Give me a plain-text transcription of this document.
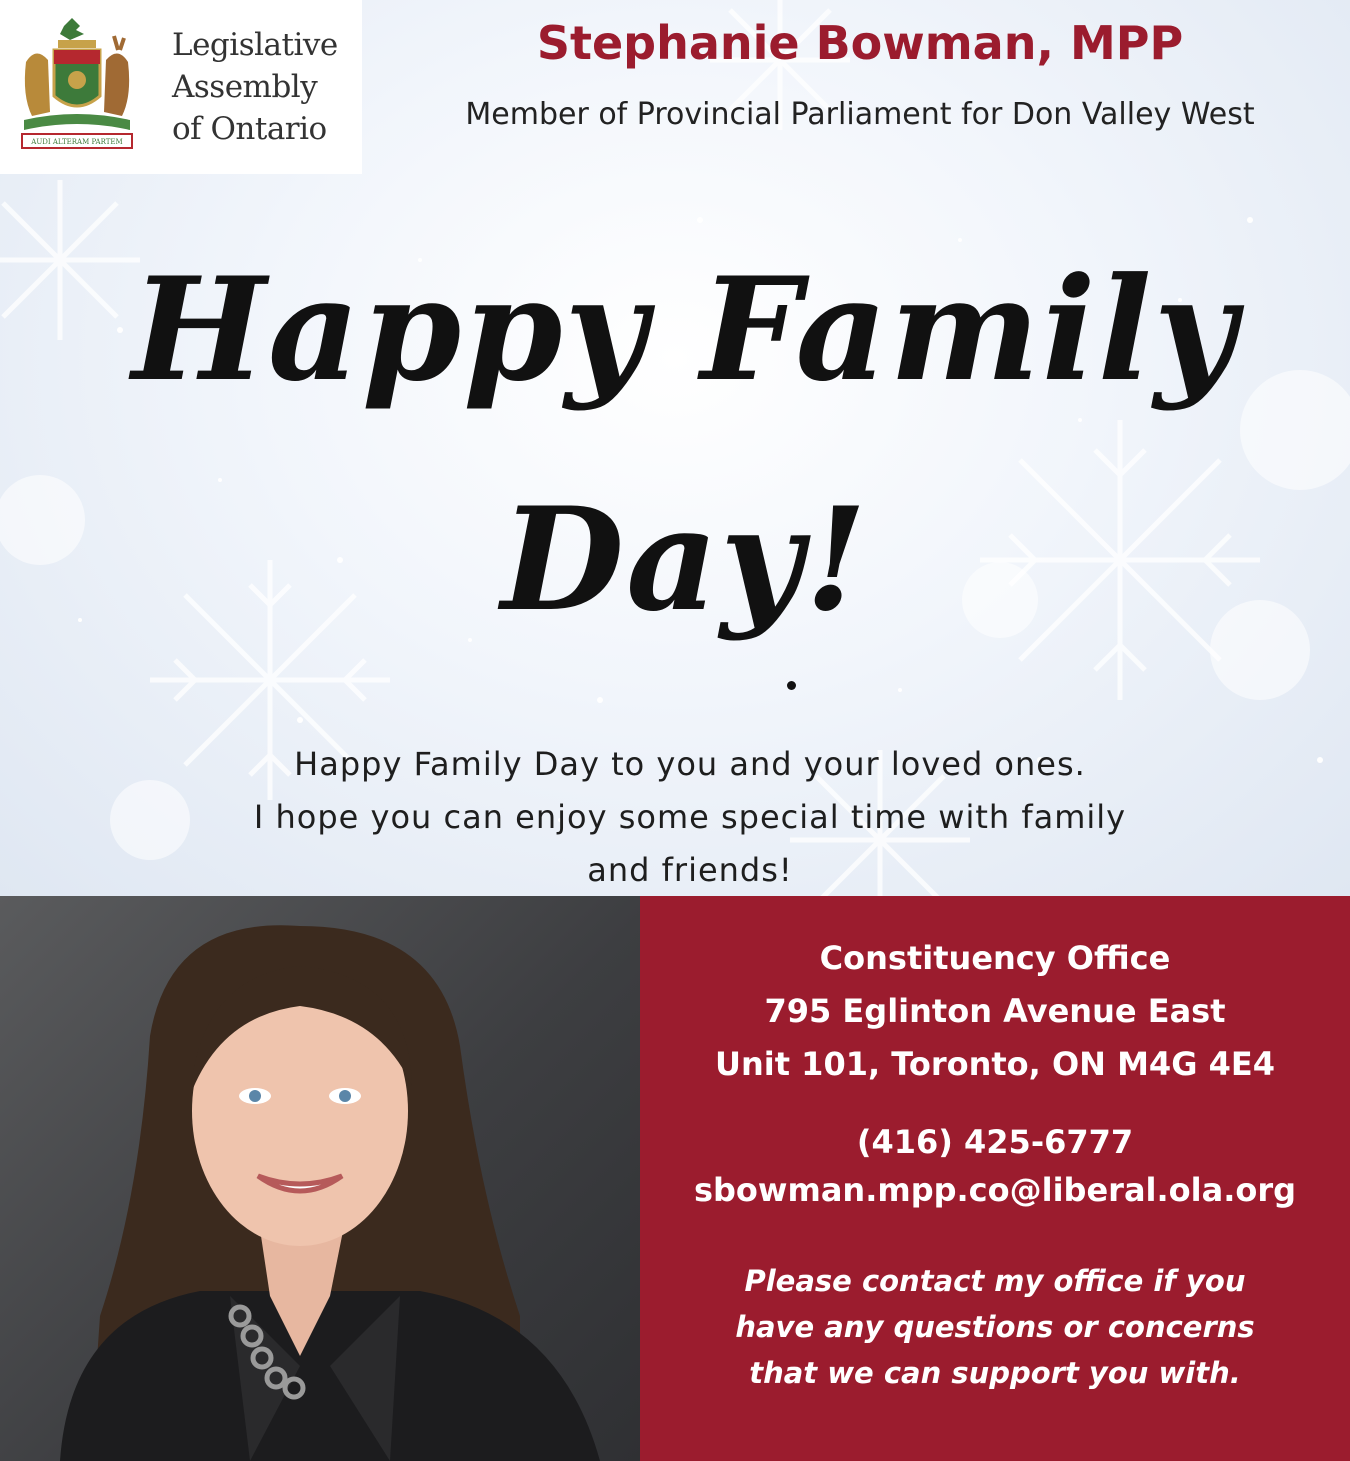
AUDI ALTERAM PARTEM
Legislative
Assembly
of Ontario
Stephanie Bowman, MPP
Member of Provincial Parliament for Don Valley West
Happy Family
Day!
Happy Family Day to you and your loved ones.
I hope you can enjoy some special time with family
and friends!
Constituency Office
795 Eglinton Avenue East
Unit 101, Toronto, ON M4G 4E4
(416) 425-6777
sbowman.mpp.co@liberal.ola.org
Please contact my office if you
have any questions or concerns
that we can support you with.
